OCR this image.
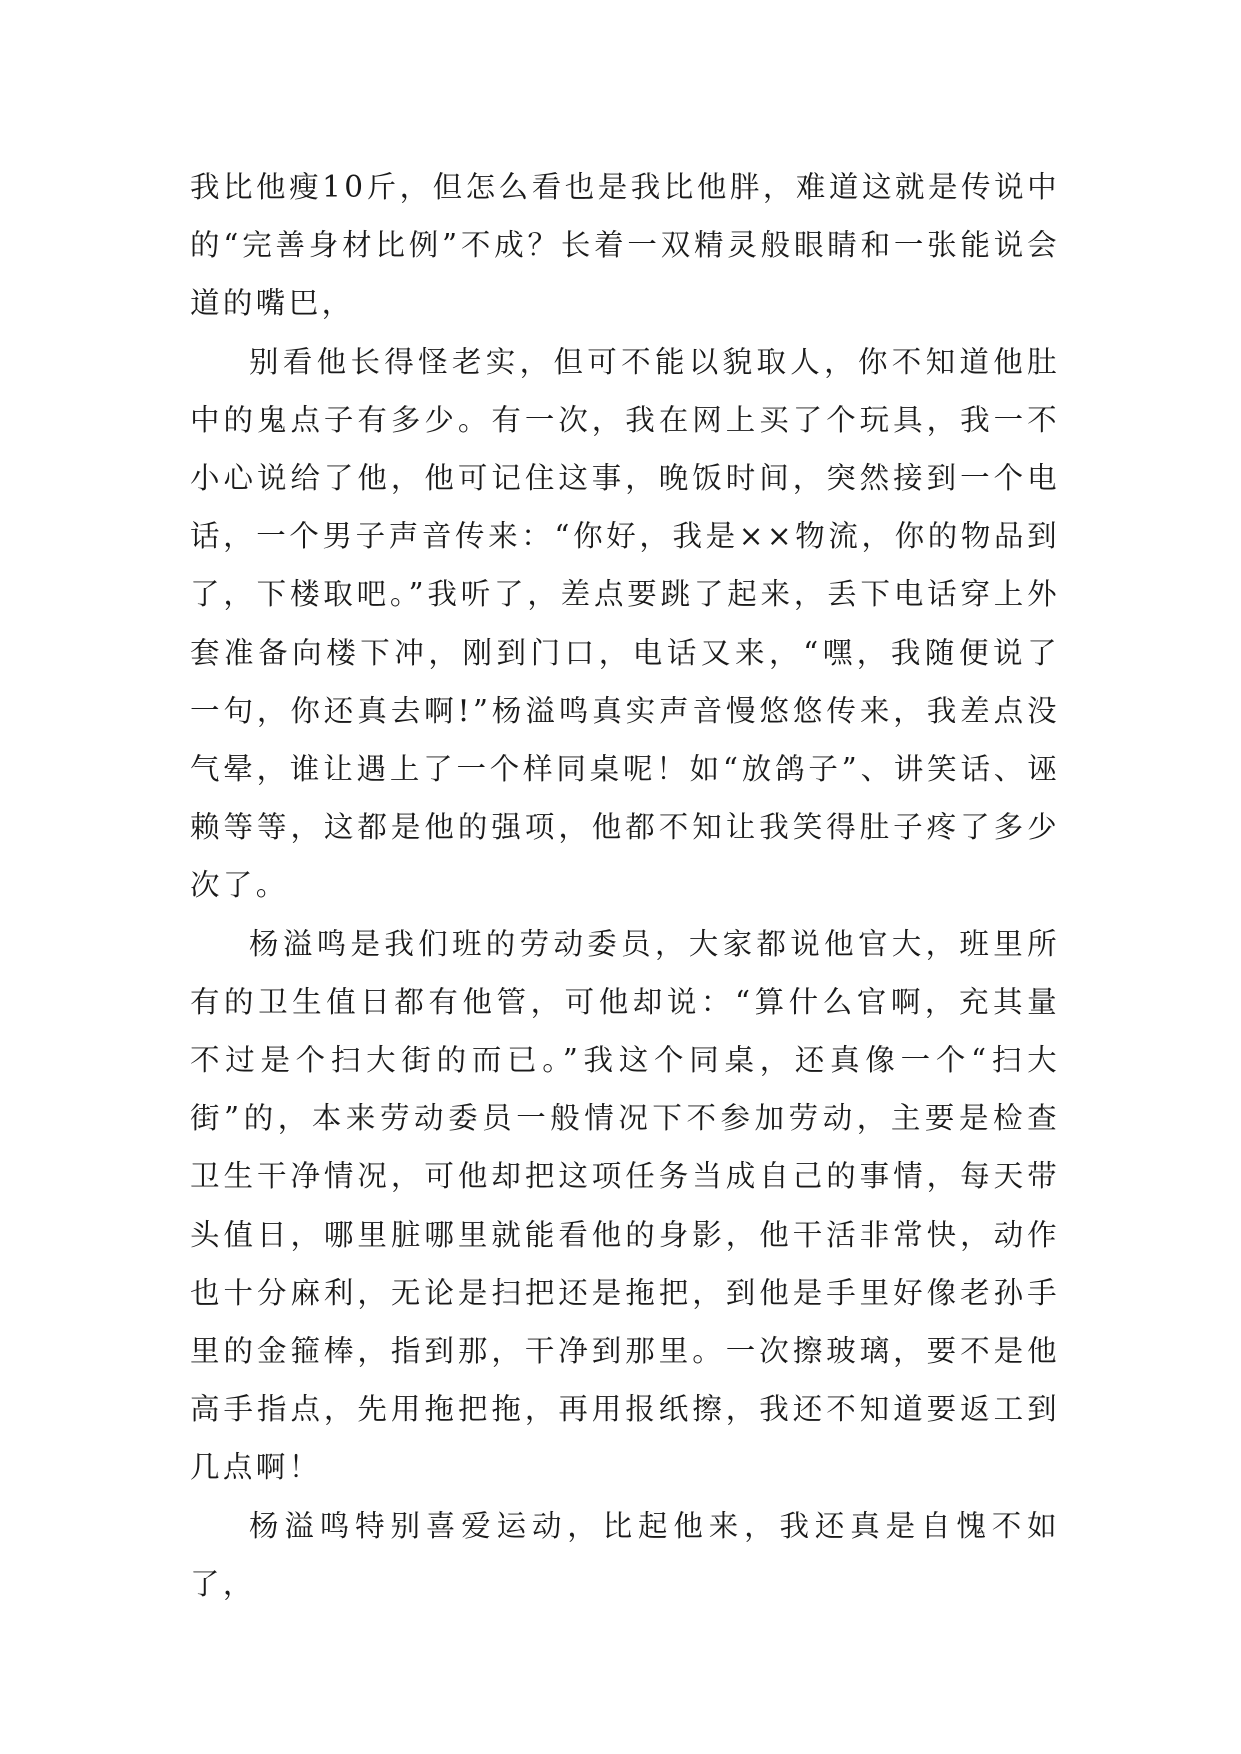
我比他瘦10斤，但怎么看也是我比他胖，难道这就是传说中的“完善身材比例”不成？长着一双精灵般眼睛和一张能说会道的嘴巴，

别看他长得怪老实，但可不能以貌取人，你不知道他肚中的鬼点子有多少。有一次，我在网上买了个玩具，我一不小心说给了他，他可记住这事，晚饭时间，突然接到一个电话，一个男子声音传来：“你好，我是××物流，你的物品到了，下楼取吧。”我听了，差点要跳了起来，丢下电话穿上外套准备向楼下冲，刚到门口，电话又来，“嘿，我随便说了一句，你还真去啊!”杨溢鸣真实声音慢悠悠传来，我差点没气晕，谁让遇上了一个样同桌呢！如“放鸽子”、讲笑话、诬赖等等，这都是他的强项，他都不知让我笑得肚子疼了多少次了。

杨溢鸣是我们班的劳动委员，大家都说他官大，班里所有的卫生值日都有他管，可他却说：“算什么官啊，充其量不过是个扫大街的而已。”我这个同桌，还真像一个“扫大街”的，本来劳动委员一般情况下不参加劳动，主要是检查卫生干净情况，可他却把这项任务当成自己的事情，每天带头值日，哪里脏哪里就能看他的身影，他干活非常快，动作也十分麻利，无论是扫把还是拖把，到他是手里好像老孙手里的金箍棒，指到那，干净到那里。一次擦玻璃，要不是他高手指点，先用拖把拖，再用报纸擦，我还不知道要返工到几点啊！

杨溢鸣特别喜爱运动，比起他来，我还真是自愧不如了，
